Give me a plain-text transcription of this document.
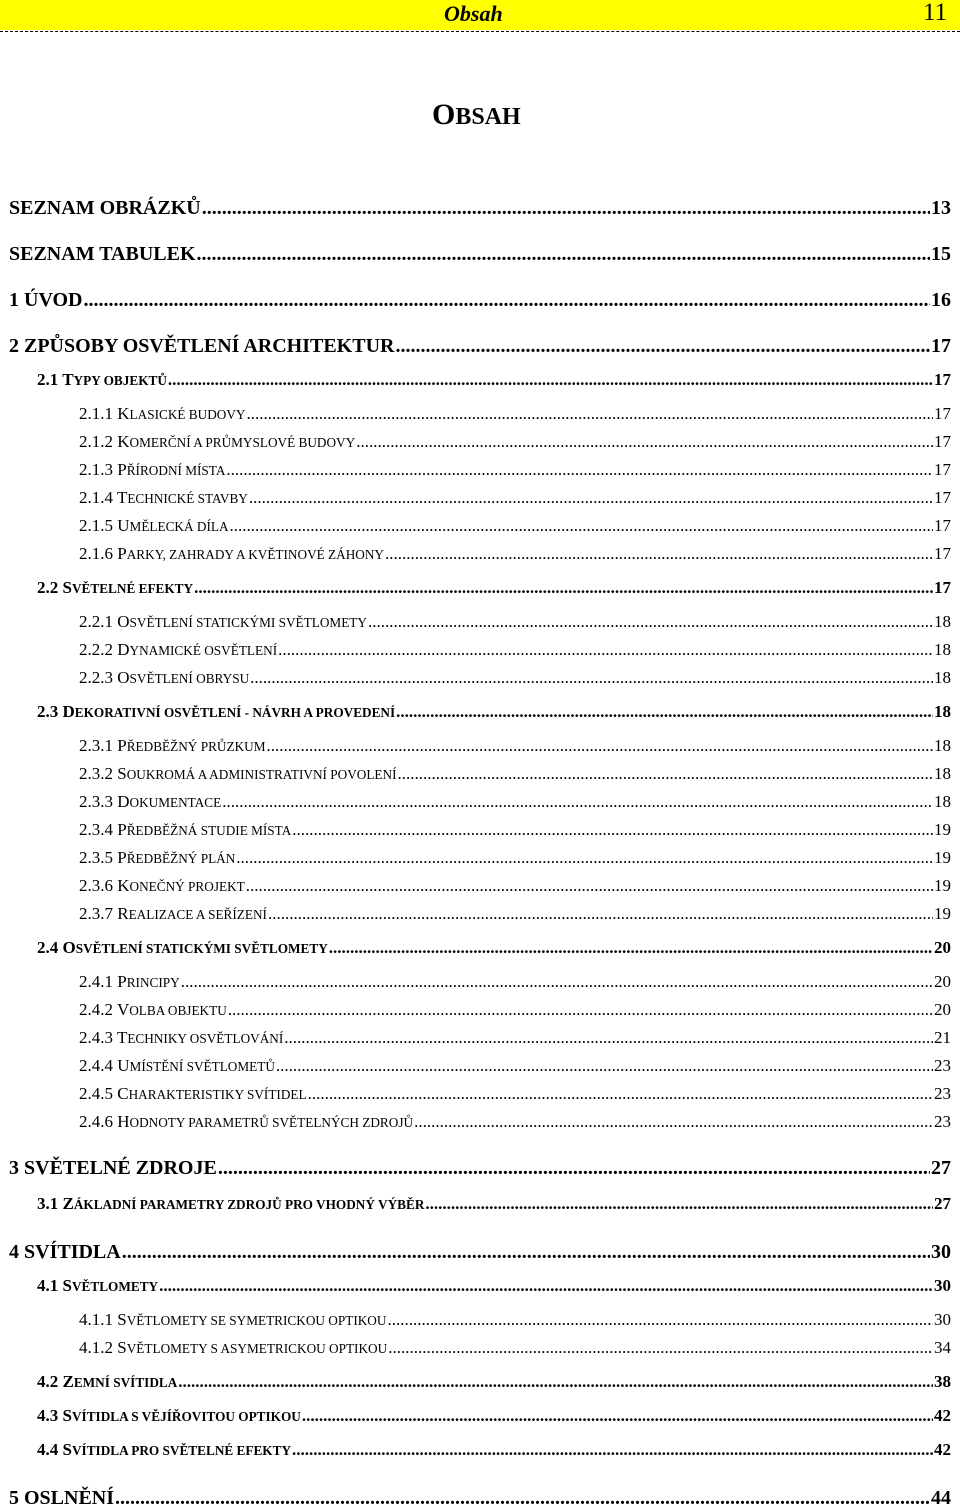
Obsah	11
OBSAH
SEZNAM OBRÁZKŮ .....	13
SEZNAM TABULEK .....	15
1 ÚVOD .....	16
2 ZPŮSOBY OSVĚTLENÍ ARCHITEKTUR .....	17
2.1 TYPY OBJEKTŮ .....	17
2.1.1 KLASICKÉ BUDOVY .....	17
2.1.2 KOMERČNÍ A PRŮMYSLOVÉ BUDOVY .....	17
2.1.3 PŘÍRODNÍ MÍSTA .....	17
2.1.4 TECHNICKÉ STAVBY .....	17
2.1.5 UMĚLECKÁ DÍLA .....	17
2.1.6 PARKY, ZAHRADY A KVĚTINOVÉ ZÁHONY .....	17
2.2 SVĚTELNÉ EFEKTY .....	17
2.2.1 OSVĚTLENÍ STATICKÝMI SVĚTLOMETY .....	18
2.2.2 DYNAMICKÉ OSVĚTLENÍ .....	18
2.2.3 OSVĚTLENÍ OBRYSU .....	18
2.3 DEKORATIVNÍ OSVĚTLENÍ - NÁVRH A PROVEDENÍ .....	18
2.3.1 PŘEDBĚŽNÝ PRŮZKUM .....	18
2.3.2 SOUKROMÁ A ADMINISTRATIVNÍ POVOLENÍ .....	18
2.3.3 DOKUMENTACE .....	18
2.3.4 PŘEDBĚŽNÁ STUDIE MÍSTA .....	19
2.3.5 PŘEDBĚŽNÝ PLÁN .....	19
2.3.6 KONEČNÝ PROJEKT .....	19
2.3.7 REALIZACE A SEŘÍZENÍ .....	19
2.4 OSVĚTLENÍ STATICKÝMI SVĚTLOMETY .....	20
2.4.1 PRINCIPY .....	20
2.4.2 VOLBA OBJEKTU .....	20
2.4.3 TECHNIKY OSVĚTLOVÁNÍ .....	21
2.4.4 UMÍSTĚNÍ SVĚTLOMETŮ .....	23
2.4.5 CHARAKTERISTIKY SVÍTIDEL .....	23
2.4.6 HODNOTY PARAMETRŮ SVĚTELNÝCH ZDROJŮ .....	23
3 SVĚTELNÉ ZDROJE .....	27
3.1 ZÁKLADNÍ PARAMETRY ZDROJŮ PRO VHODNÝ VÝBĚR .....	27
4 SVÍTIDLA .....	30
4.1 SVĚTLOMETY .....	30
4.1.1 SVĚTLOMETY SE SYMETRICKOU OPTIKOU .....	30
4.1.2 SVĚTLOMETY S ASYMETRICKOU OPTIKOU .....	34
4.2 ZEMNÍ SVÍTIDLA .....	38
4.3 SVÍTIDLA S VĚJÍŘOVITOU OPTIKOU .....	42
4.4 SVÍTIDLA PRO SVĚTELNÉ EFEKTY .....	42
5 OSLNĚNÍ .....	44
